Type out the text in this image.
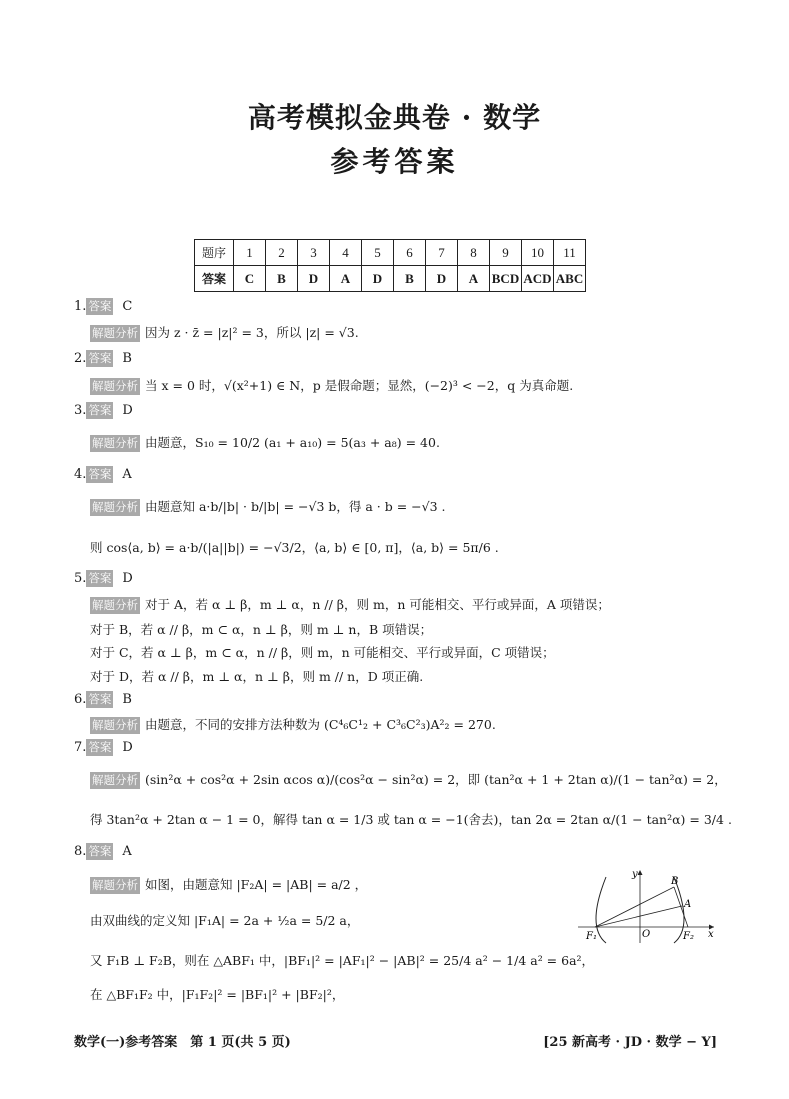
高考模拟金典卷 · 数学
参考答案
题序	1	2	3	4	5	6	7	8	9	10	11
答案	C	B	D	A	D	B	D	A	BCD	ACD	ABC
1. 答案 C
解题分析 因为 z · z̄ = |z|² = 3，所以 |z| = √3.
2. 答案 B
解题分析 当 x = 0 时，√(x²+1) ∈ N，p 是假命题；显然，(−2)³ < −2，q 为真命题.
3. 答案 D
解题分析 由题意，S₁₀ = 10/2 (a₁ + a₁₀) = 5(a₃ + a₈) = 40.
4. 答案 A
解题分析 由题意知 a·b/|b| · b/|b| = −√3 b，得 a · b = −√3 .
则 cos⟨a, b⟩ = a·b/(|a||b|) = −√3/2，⟨a, b⟩ ∈ [0, π]，⟨a, b⟩ = 5π/6 .
5. 答案 D
解题分析 对于 A，若 α ⊥ β，m ⊥ α，n // β，则 m，n 可能相交、平行或异面，A 项错误；
对于 B，若 α // β，m ⊂ α，n ⊥ β，则 m ⊥ n，B 项错误；
对于 C，若 α ⊥ β，m ⊂ α，n // β，则 m，n 可能相交、平行或异面，C 项错误；
对于 D，若 α // β，m ⊥ α，n ⊥ β，则 m // n，D 项正确.
6. 答案 B
解题分析 由题意，不同的安排方法种数为 (C⁴₆C¹₂ + C³₆C²₃)A²₂ = 270.
7. 答案 D
解题分析 (sin²α + cos²α + 2sin αcos α)/(cos²α − sin²α) = 2，即 (tan²α + 1 + 2tan α)/(1 − tan²α) = 2，
得 3tan²α + 2tan α − 1 = 0，解得 tan α = 1/3 或 tan α = −1(舍去)，tan 2α = 2tan α/(1 − tan²α) = 3/4 .
8. 答案 A
解题分析 如图，由题意知 |F₂A| = |AB| = a/2 ，
由双曲线的定义知 |F₁A| = 2a + ½a = 5/2 a，
又 F₁B ⊥ F₂B，则在 △ABF₁ 中，|BF₁|² = |AF₁|² − |AB|² = 25/4 a² − 1/4 a² = 6a²，
在 △BF₁F₂ 中，|F₁F₂|² = |BF₁|² + |BF₂|²，
y
B
A
F₁	O	F₂ x
数学(一)参考答案　第 1 页(共 5 页)	[25 新高考 · JD · 数学 − Y]
